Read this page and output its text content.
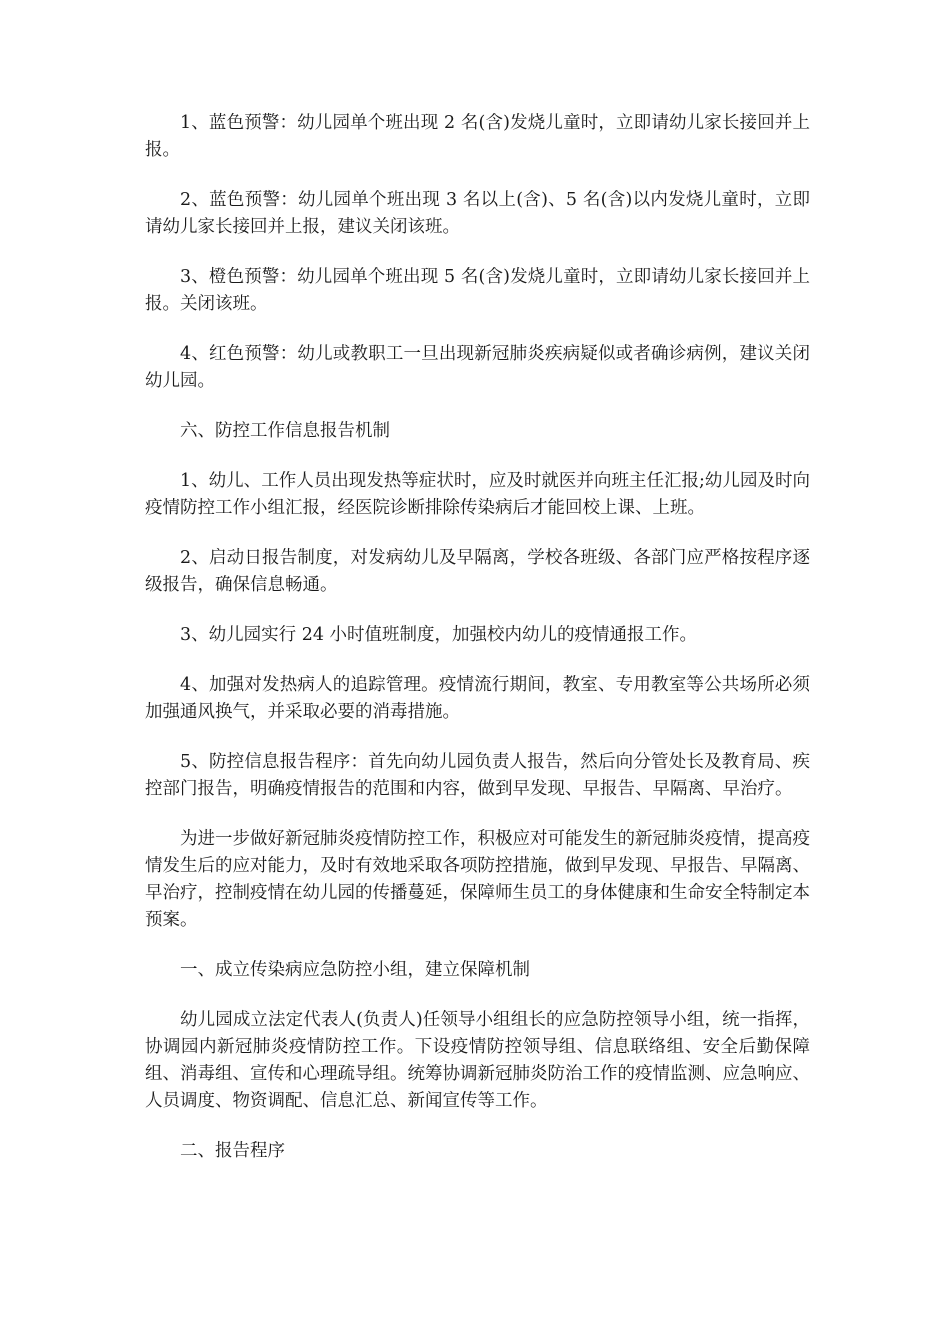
1、蓝色预警：幼儿园单个班出现 2 名(含)发烧儿童时，立即请幼儿家长接回并上报。

2、蓝色预警：幼儿园单个班出现 3 名以上(含)、5 名(含)以内发烧儿童时，立即请幼儿家长接回并上报，建议关闭该班。

3、橙色预警：幼儿园单个班出现 5 名(含)发烧儿童时，立即请幼儿家长接回并上报。关闭该班。

4、红色预警：幼儿或教职工一旦出现新冠肺炎疾病疑似或者确诊病例，建议关闭幼儿园。

六、防控工作信息报告机制

1、幼儿、工作人员出现发热等症状时，应及时就医并向班主任汇报;幼儿园及时向疫情防控工作小组汇报，经医院诊断排除传染病后才能回校上课、上班。

2、启动日报告制度，对发病幼儿及早隔离，学校各班级、各部门应严格按程序逐级报告，确保信息畅通。

3、幼儿园实行 24 小时值班制度，加强校内幼儿的疫情通报工作。

4、加强对发热病人的追踪管理。疫情流行期间，教室、专用教室等公共场所必须加强通风换气，并采取必要的消毒措施。

5、防控信息报告程序：首先向幼儿园负责人报告，然后向分管处长及教育局、疾控部门报告，明确疫情报告的范围和内容，做到早发现、早报告、早隔离、早治疗。

为进一步做好新冠肺炎疫情防控工作，积极应对可能发生的新冠肺炎疫情，提高疫情发生后的应对能力，及时有效地采取各项防控措施，做到早发现、早报告、早隔离、早治疗，控制疫情在幼儿园的传播蔓延，保障师生员工的身体健康和生命安全特制定本预案。

一、成立传染病应急防控小组，建立保障机制

幼儿园成立法定代表人(负责人)任领导小组组长的应急防控领导小组，统一指挥，协调园内新冠肺炎疫情防控工作。下设疫情防控领导组、信息联络组、安全后勤保障组、消毒组、宣传和心理疏导组。统筹协调新冠肺炎防治工作的疫情监测、应急响应、人员调度、物资调配、信息汇总、新闻宣传等工作。

二、报告程序
